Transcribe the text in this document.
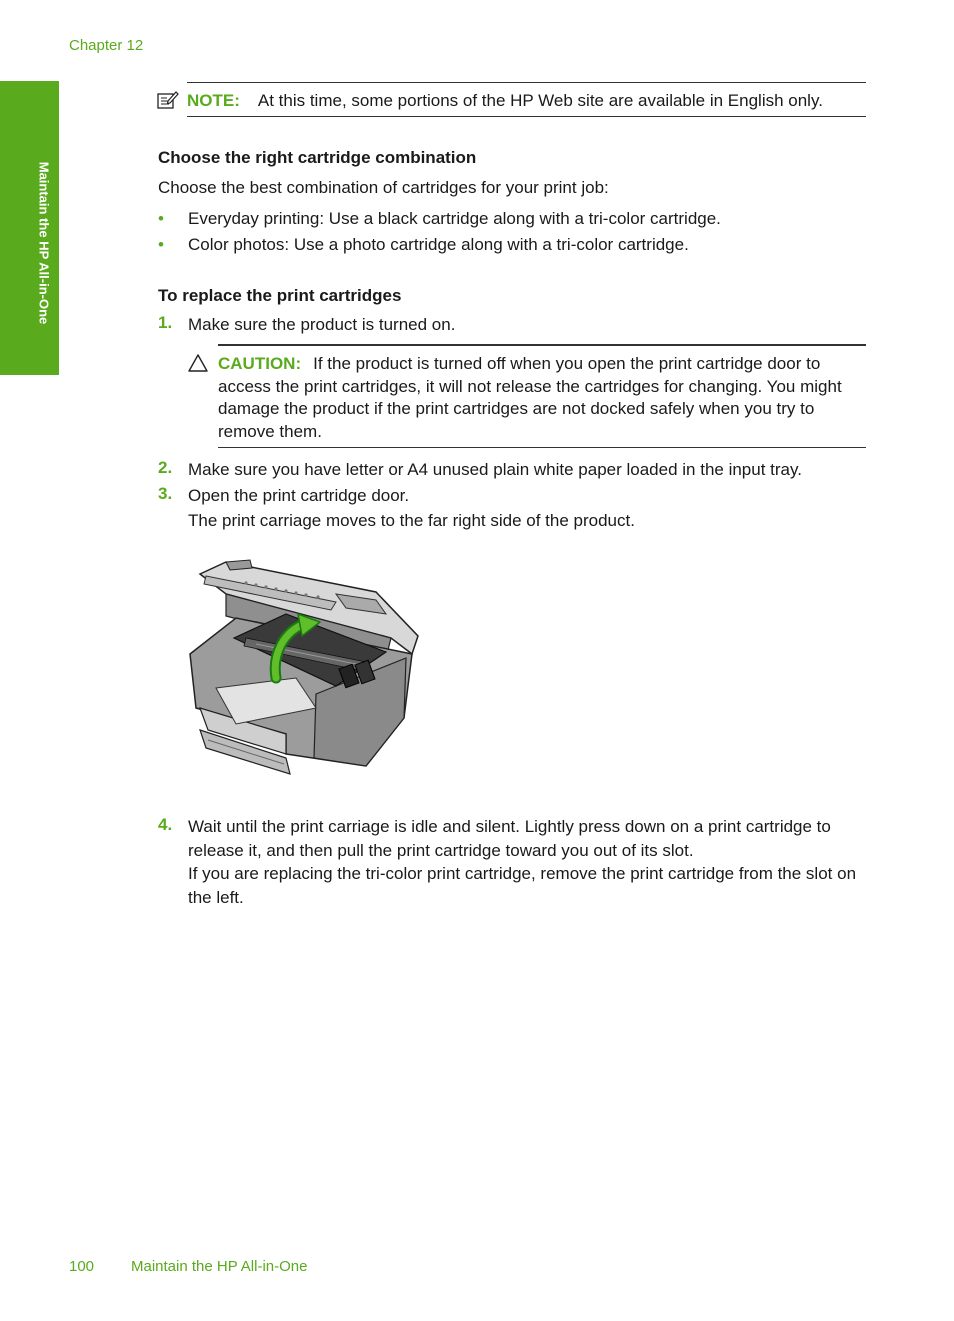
Chapter 12
Maintain the HP All-in-One
NOTE: At this time, some portions of the HP Web site are available in English only.
Choose the right cartridge combination
Choose the best combination of cartridges for your print job:
• Everyday printing: Use a black cartridge along with a tri-color cartridge.
• Color photos: Use a photo cartridge along with a tri-color cartridge.
To replace the print cartridges
1. Make sure the product is turned on.
CAUTION: If the product is turned off when you open the print cartridge door to access the print cartridges, it will not release the cartridges for changing. You might damage the product if the print cartridges are not docked safely when you try to remove them.
2. Make sure you have letter or A4 unused plain white paper loaded in the input tray.
3. Open the print cartridge door.
The print carriage moves to the far right side of the product.
4. Wait until the print carriage is idle and silent. Lightly press down on a print cartridge to release it, and then pull the print cartridge toward you out of its slot.
If you are replacing the tri-color print cartridge, remove the print cartridge from the slot on the left.
100 Maintain the HP All-in-One
